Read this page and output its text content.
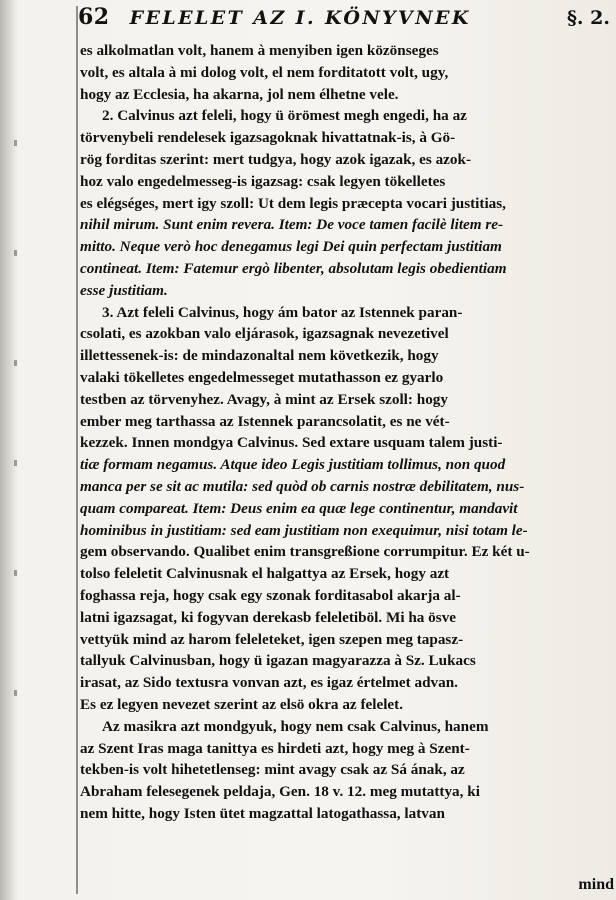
62 FELELET AZ I. KÖNYVNEK	§. 2.
es alkolmatlan volt, hanem à menyiben igen közönseges
volt, es altala à mi dolog volt, el nem forditatott volt, ugy,
hogy az Ecclesia, ha akarna, jol nem élhetne vele.
2. Calvinus azt feleli, hogy ü örömest megh engedi, ha az
törvenybeli rendelesek igazsagoknak hivattatnak-is, à Gö-
rög forditas szerint: mert tudgya, hogy azok igazak, es azok-
hoz valo engedelmesseg-is igazsag: csak legyen tökelletes
es elégséges, mert igy szoll: Ut dem legis præcepta vocari justitias,
nihil mirum. Sunt enim revera. Item: De voce tamen facilè litem re-
mitto. Neque verò hoc denegamus legi Dei quin perfectam justitiam
contineat. Item: Fatemur ergò libenter, absolutam legis obedientiam
esse justitiam.
3. Azt feleli Calvinus, hogy ám bator az Istennek paran-
csolati, es azokban valo eljárasok, igazsagnak nevezetivel
illettessenek-is: de mindazonaltal nem következik, hogy
valaki tökelletes engedelmesseget mutathasson ez gyarlo
testben az törvenyhez. Avagy, à mint az Ersek szoll: hogy
ember meg tarthassa az Istennek parancsolatit, es ne vét-
kezzek. Innen mondgya Calvinus. Sed extare usquam talem justi-
tiæ formam negamus. Atque ideo Legis justitiam tollimus, non quod
manca per se sit ac mutila: sed quòd ob carnis nostræ debilitatem, nus-
quam compareat. Item: Deus enim ea quæ lege continentur, mandavit
hominibus in justitiam: sed eam justitiam non exequimur, nisi totam le-
gem observando. Qualibet enim transgreßione corrumpitur. Ez két u-
tolso feleletit Calvinusnak el halgattya az Ersek, hogy azt
foghassa reja, hogy csak egy szonak forditasabol akarja al-
latni igazsagat, ki fogyvan derekasb feleletiböl. Mi ha ösve
vettyük mind az harom feleleteket, igen szepen meg tapasz-
tallyuk Calvinusban, hogy ü igazan magyarazza à Sz. Lukacs
irasat, az Sido textusra vonvan azt, es igaz értelmet advan.
Es ez legyen nevezet szerint az elsö okra az felelet.
Az masikra azt mondgyuk, hogy nem csak Calvinus, hanem
az Szent Iras maga tanittya es hirdeti azt, hogy meg à Szent-
tekben-is volt hihetetlenseg: mint avagy csak az Sá ának, az
Abraham felesegenek peldaja, Gen. 18 v. 12. meg mutattya, ki
nem hitte, hogy Isten ütet magzattal latogathassa, latvan
mind
